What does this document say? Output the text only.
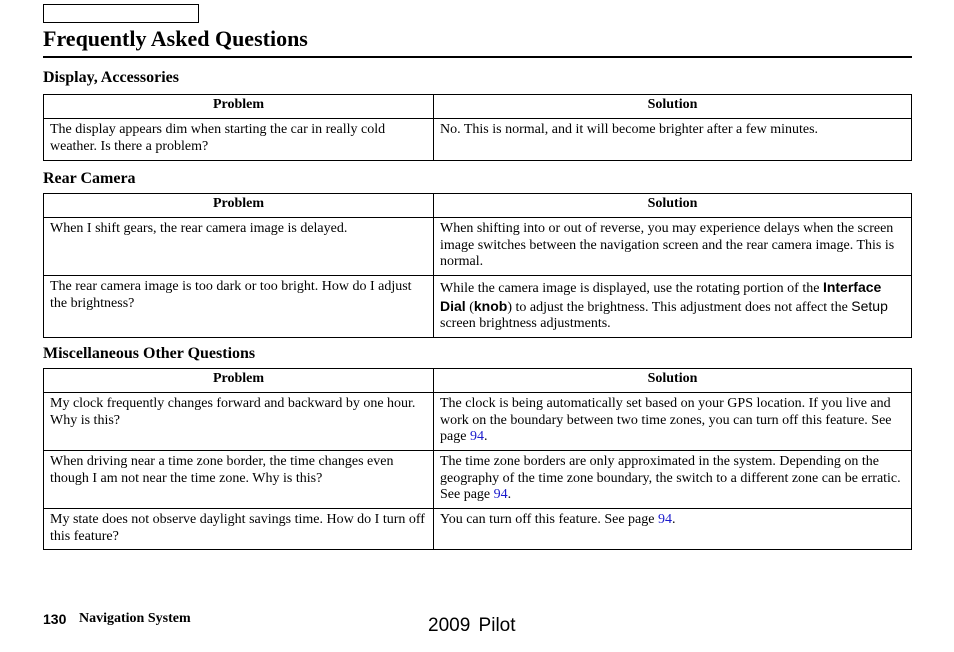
Frequently Asked Questions
Display, Accessories
Problem	Solution
The display appears dim when starting the car in really cold weather. Is there a problem?	No. This is normal, and it will become brighter after a few minutes.
Rear Camera
Problem	Solution
When I shift gears, the rear camera image is delayed.	When shifting into or out of reverse, you may experience delays when the screen image switches between the navigation screen and the rear camera image. This is normal.
The rear camera image is too dark or too bright. How do I adjust the brightness?	While the camera image is displayed, use the rotating portion of the Interface Dial (knob) to adjust the brightness. This adjustment does not affect the Setup screen brightness adjustments.
Miscellaneous Other Questions
Problem	Solution
My clock frequently changes forward and backward by one hour. Why is this?	The clock is being automatically set based on your GPS location. If you live and work on the boundary between two time zones, you can turn off this feature. See page 94.
When driving near a time zone border, the time changes even though I am not near the time zone. Why is this?	The time zone borders are only approximated in the system. Depending on the geography of the time zone boundary, the switch to a different zone can be erratic. See page 94.
My state does not observe daylight savings time. How do I turn off this feature?	You can turn off this feature. See page 94.
130 Navigation System	2009 Pilot
